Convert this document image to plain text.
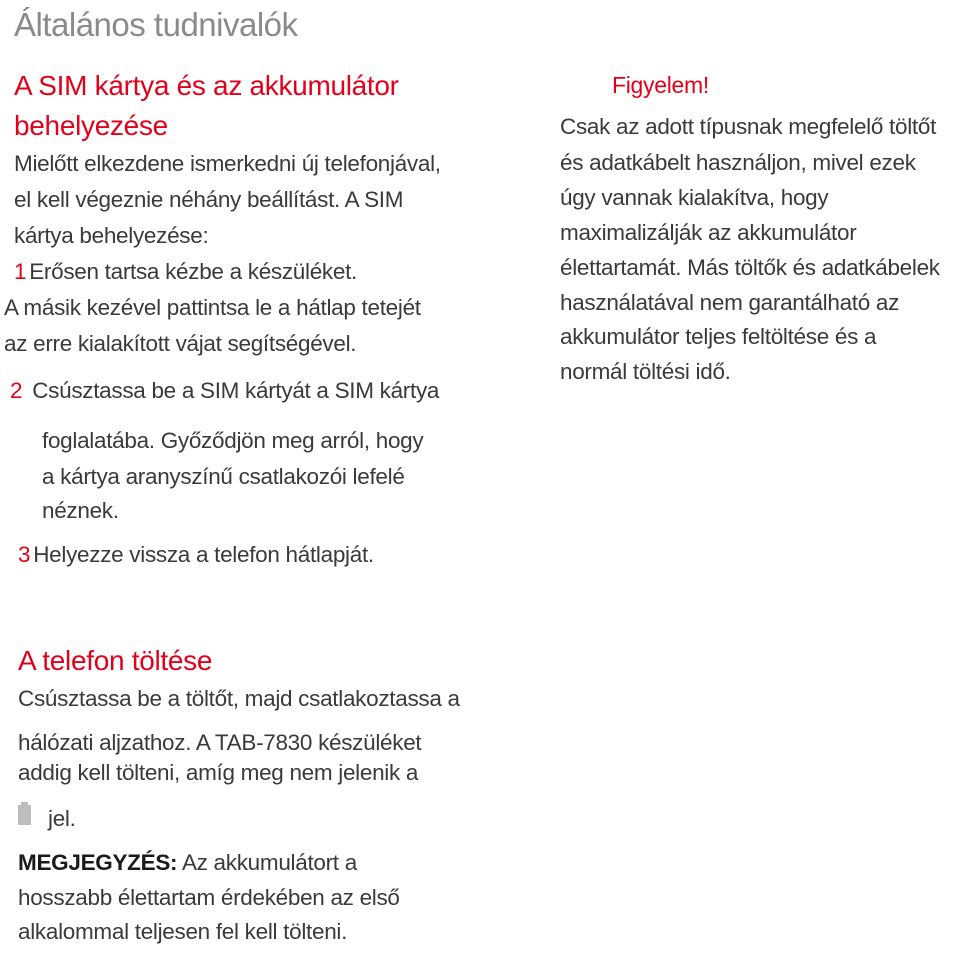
Általános tudnivalók
A SIM kártya és az akkumulátor
behelyezése
Mielőtt elkezdene ismerkedni új telefonjával,
el kell végeznie néhány beállítást. A SIM
kártya behelyezése:
1 Erősen tartsa kézbe a készüléket.
A másik kezével pattintsa le a hátlap tetejét
az erre kialakított vájat segítségével.
2 Csúsztassa be a SIM kártyát a SIM kártya
foglalatába. Győződjön meg arról, hogy
a kártya aranyszínű csatlakozói lefelé
néznek.
3 Helyezze vissza a telefon hátlapját.
Figyelem!
Csak az adott típusnak megfelelő töltőt
és adatkábelt használjon, mivel ezek
úgy vannak kialakítva, hogy
maximalizálják az akkumulátor
élettartamát. Más töltők és adatkábelek
használatával nem garantálható az
akkumulátor teljes feltöltése és a
normál töltési idő.
A telefon töltése
Csúsztassa be a töltőt, majd csatlakoztassa a
hálózati aljzathoz. A TAB-7830 készüléket
addig kell tölteni, amíg meg nem jelenik a
jel.
MEGJEGYZÉS: Az akkumulátort a
hosszabb élettartam érdekében az első
alkalommal teljesen fel kell tölteni.
